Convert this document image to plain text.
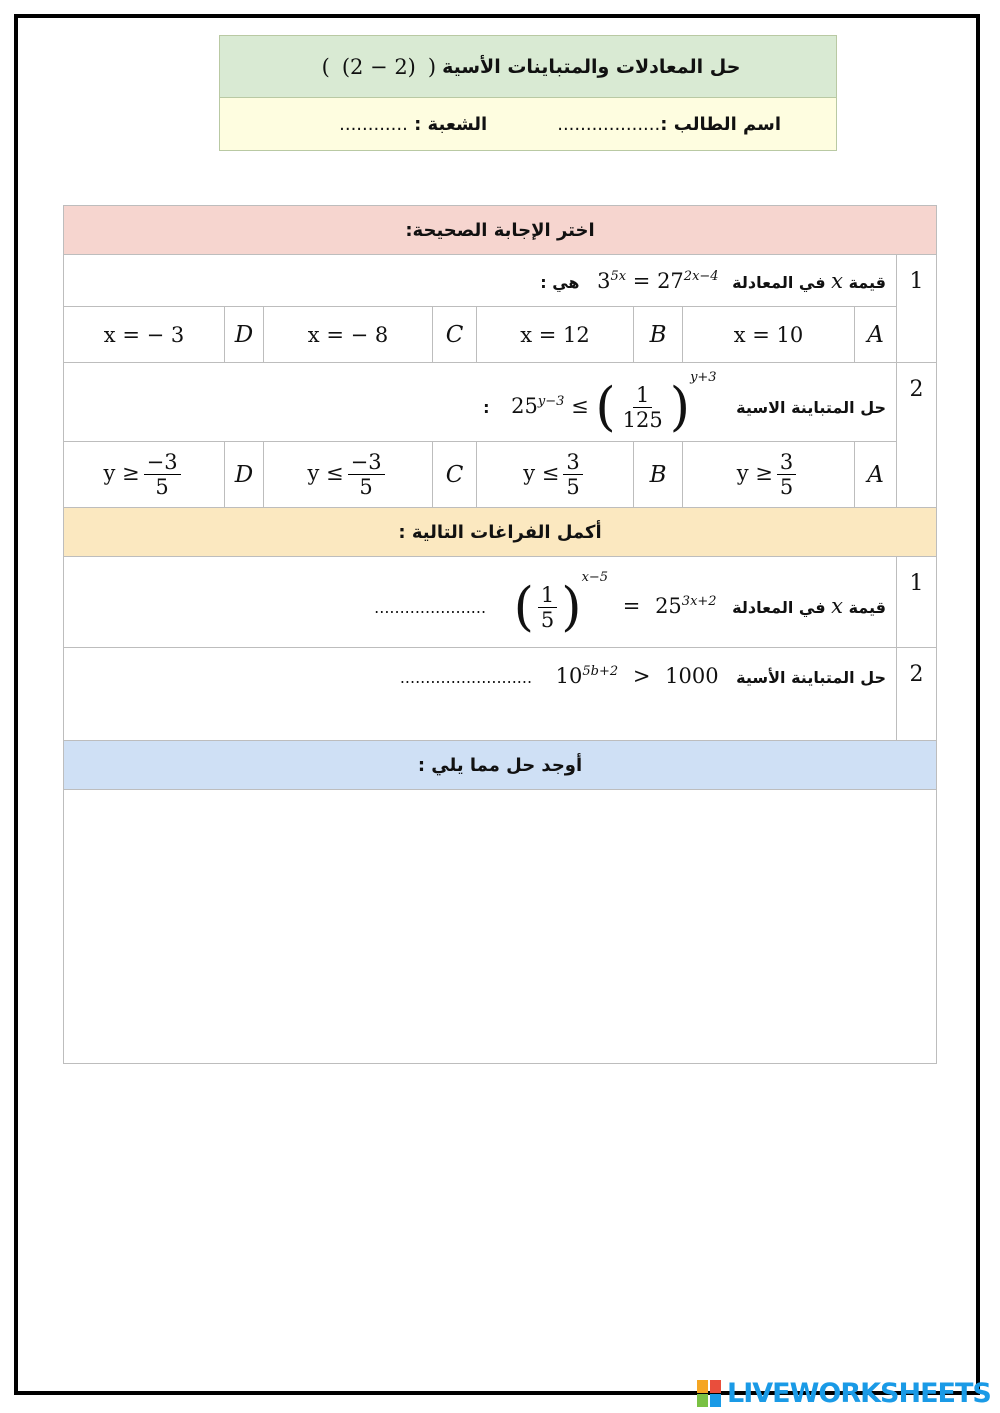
حل المعادلات والمتباينات الأسية
(
(2 − 2)
)
اسم الطالب :..................
الشعبة : ............
اختر الإجابة الصحيحة:								
1	قيمة x في المعادلة $3^{5x} = 27^{2x-4}$ هي :							
	A	x = 10	B	x = 12	C	x = − 8	D	x = − 3
2	حل المتباينة الاسية $25^{y-3}$ ≤ ( $\frac{1}{125} )^{y+3}$ :							
	A	$y \ge \frac{3}{5}$	B	$y \le \frac{3}{5}$	C	$y \le \frac{-3}{5}$	D	$y \ge \frac{-3}{5}$

أكمل الفراغات التالية :								
1	قيمة x في المعادلة ( $\frac{1}{5} )^{x-5} = 25^{3x+2}$ ......................							
2	حل المتباينة الأسية $10^{5b+2} > 1000$ ..........................							
أوجد حل مما يلي :								

LIVEWORKSHEETS
